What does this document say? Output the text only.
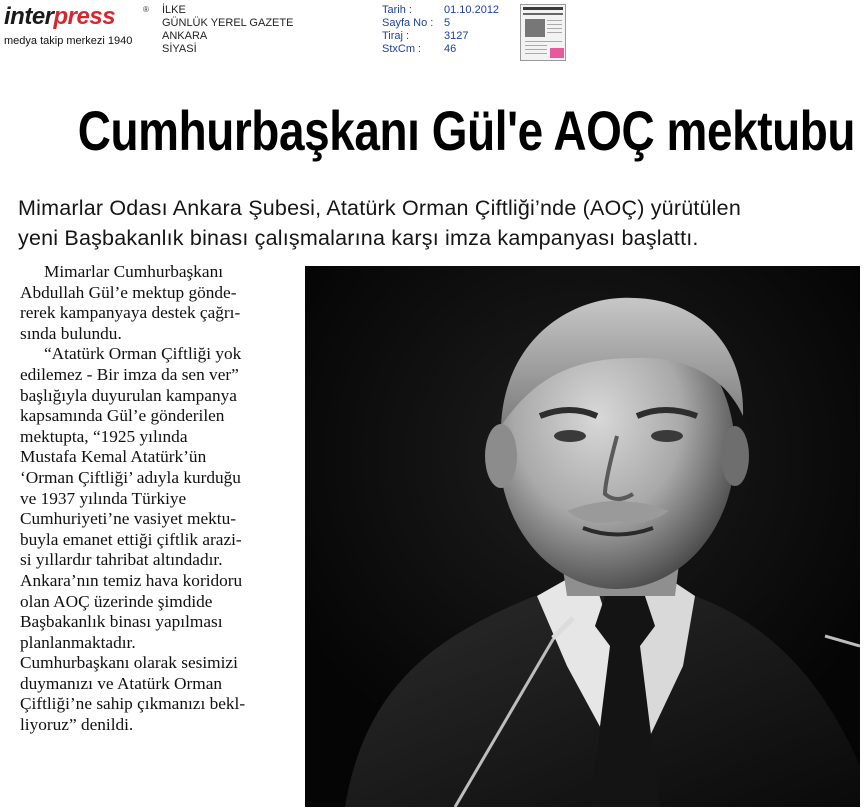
interpress	®
medya takip merkezi 1940
İLKE
GÜNLÜK YEREL GAZETE
ANKARA
SİYASİ
Tarih :
Sayfa No :
Tiraj :
StxCm :
01.10.2012
5
3127
46
Cumhurbaşkanı Gül'e AOÇ mektubu
Mimarlar Odası Ankara Şubesi, Atatürk Orman Çiftliği’nde (AOÇ) yürütülen
yeni Başbakanlık binası çalışmalarına karşı imza kampanyası başlattı.
Mimarlar Cumhurbaşkanı
Abdullah Gül’e mektup gönde-
rerek kampanyaya destek çağrı-
sında bulundu.
“Atatürk Orman Çiftliği yok
edilemez - Bir imza da sen ver”
başlığıyla duyurulan kampanya
kapsamında Gül’e gönderilen
mektupta, “1925 yılında
Mustafa Kemal Atatürk’ün
‘Orman Çiftliği’ adıyla kurduğu
ve 1937 yılında Türkiye
Cumhuriyeti’ne vasiyet mektu-
buyla emanet ettiği çiftlik arazi-
si yıllardır tahribat altındadır.
Ankara’nın temiz hava koridoru
olan AOÇ üzerinde şimdide
Başbakanlık binası yapılması
planlanmaktadır.
Cumhurbaşkanı olarak sesimizi
duymanızı ve Atatürk Orman
Çiftliği’ne sahip çıkmanızı bekl-
liyoruz” denildi.
